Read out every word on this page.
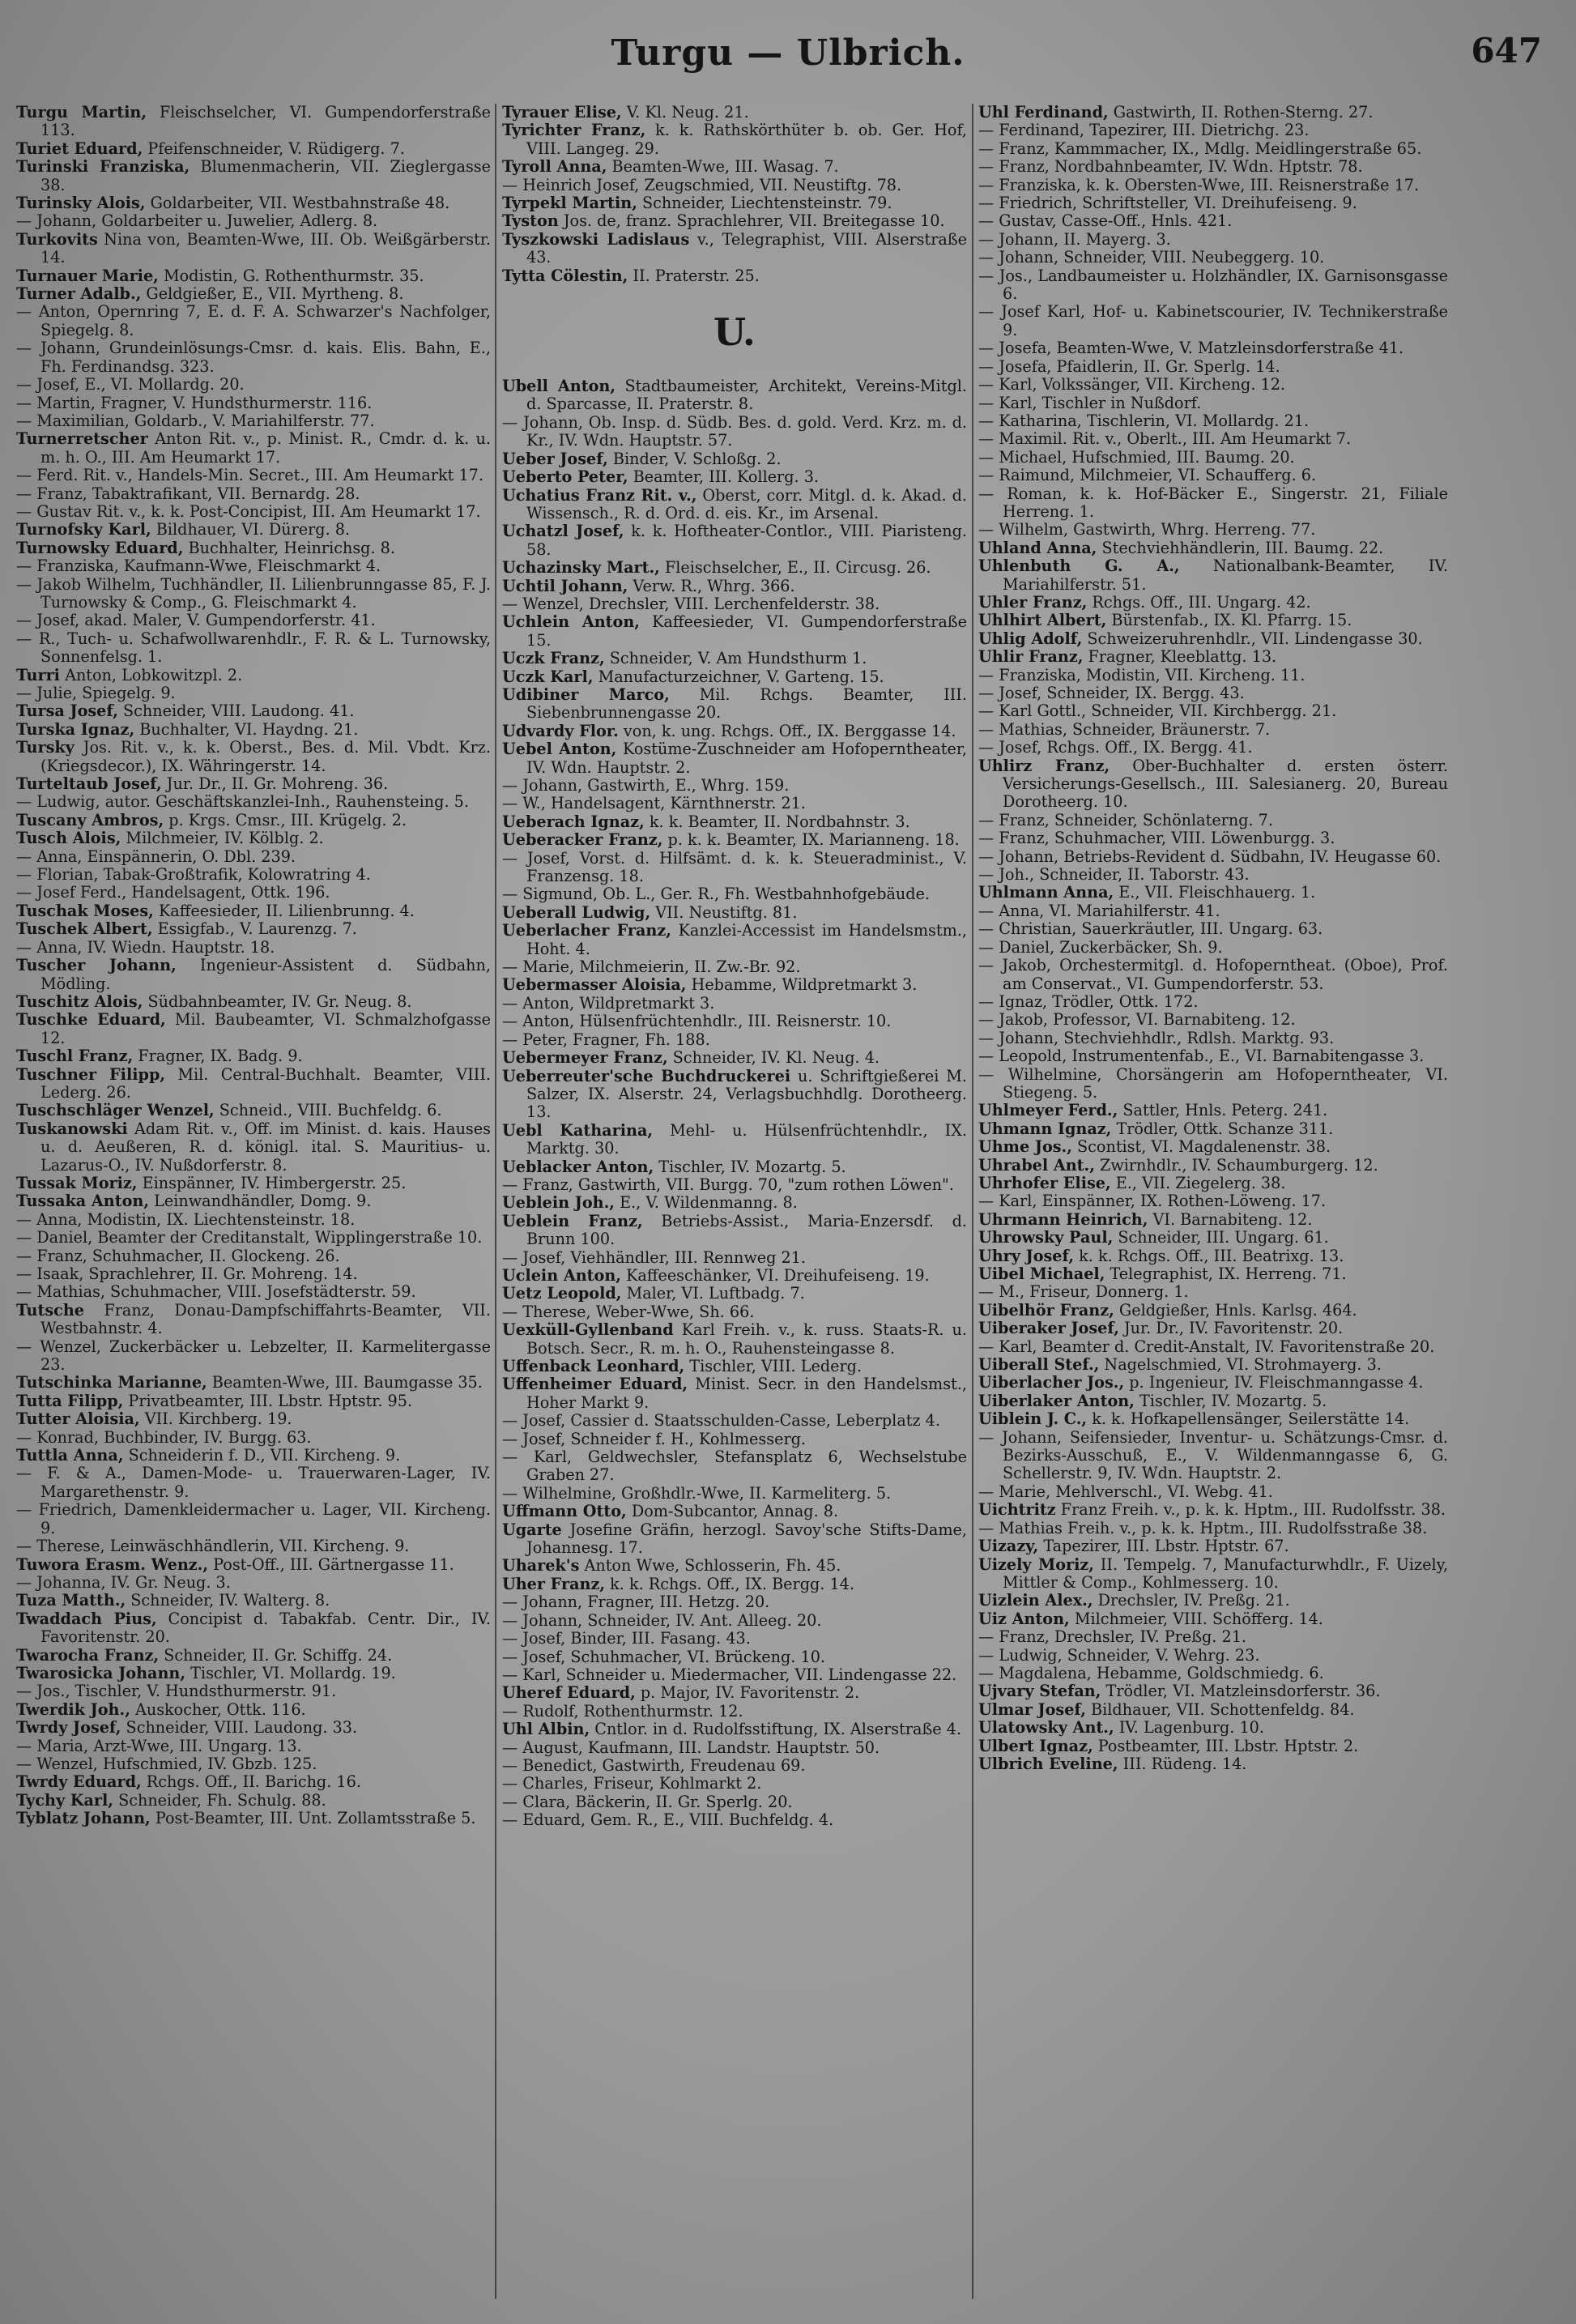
Turgu — Ulbrich.	647

Turgu Martin, Fleischselcher, VI. Gumpendorferstraße 113.

Turiet Eduard, Pfeifenschneider, V. Rüdigerg. 7.

Turinski Franziska, Blumenmacherin, VII. Zieglergasse 38.

Turinsky Alois, Goldarbeiter, VII. Westbahnstraße 48.

— Johann, Goldarbeiter u. Juwelier, Adlerg. 8.

Turkovits Nina von, Beamten-Wwe, III. Ob. Weißgärberstr. 14.

Turnauer Marie, Modistin, G. Rothenthurmstr. 35.

Turner Adalb., Geldgießer, E., VII. Myrtheng. 8.

— Anton, Opernring 7, E. d. F. A. Schwarzer's Nachfolger, Spiegelg. 8.

— Johann, Grundeinlösungs-Cmsr. d. kais. Elis. Bahn, E., Fh. Ferdinandsg. 323.

— Josef, E., VI. Mollardg. 20.

— Martin, Fragner, V. Hundsthurmerstr. 116.

— Maximilian, Goldarb., V. Mariahilferstr. 77.

Turnerretscher Anton Rit. v., p. Minist. R., Cmdr. d. k. u. m. h. O., III. Am Heumarkt 17.

— Ferd. Rit. v., Handels-Min. Secret., III. Am Heumarkt 17.

— Franz, Tabaktrafikant, VII. Bernardg. 28.

— Gustav Rit. v., k. k. Post-Concipist, III. Am Heumarkt 17.

Turnofsky Karl, Bildhauer, VI. Dürerg. 8.

Turnowsky Eduard, Buchhalter, Heinrichsg. 8.

— Franziska, Kaufmann-Wwe, Fleischmarkt 4.

— Jakob Wilhelm, Tuchhändler, II. Lilienbrunngasse 85, F. J. Turnowsky & Comp., G. Fleischmarkt 4.

— Josef, akad. Maler, V. Gumpendorferstr. 41.

— R., Tuch- u. Schafwollwarenhdlr., F. R. & L. Turnowsky, Sonnenfelsg. 1.

Turri Anton, Lobkowitzpl. 2.

— Julie, Spiegelg. 9.

Tursa Josef, Schneider, VIII. Laudong. 41.

Turska Ignaz, Buchhalter, VI. Haydng. 21.

Tursky Jos. Rit. v., k. k. Oberst., Bes. d. Mil. Vbdt. Krz. (Kriegsdecor.), IX. Währingerstr. 14.

Turteltaub Josef, Jur. Dr., II. Gr. Mohreng. 36.

— Ludwig, autor. Geschäftskanzlei-Inh., Rauhensteing. 5.

Tuscany Ambros, p. Krgs. Cmsr., III. Krügelg. 2.

Tusch Alois, Milchmeier, IV. Kölblg. 2.

— Anna, Einspännerin, O. Dbl. 239.

— Florian, Tabak-Großtrafik, Kolowratring 4.

— Josef Ferd., Handelsagent, Ottk. 196.

Tuschak Moses, Kaffeesieder, II. Lilienbrunng. 4.

Tuschek Albert, Essigfab., V. Laurenzg. 7.

— Anna, IV. Wiedn. Hauptstr. 18.

Tuscher Johann, Ingenieur-Assistent d. Südbahn, Mödling.

Tuschitz Alois, Südbahnbeamter, IV. Gr. Neug. 8.

Tuschke Eduard, Mil. Baubeamter, VI. Schmalzhofgasse 12.

Tuschl Franz, Fragner, IX. Badg. 9.

Tuschner Filipp, Mil. Central-Buchhalt. Beamter, VIII. Lederg. 26.

Tuschschläger Wenzel, Schneid., VIII. Buchfeldg. 6.

Tuskanowski Adam Rit. v., Off. im Minist. d. kais. Hauses u. d. Aeußeren, R. d. königl. ital. S. Mauritius- u. Lazarus-O., IV. Nußdorferstr. 8.

Tussak Moriz, Einspänner, IV. Himbergerstr. 25.

Tussaka Anton, Leinwandhändler, Domg. 9.

— Anna, Modistin, IX. Liechtensteinstr. 18.

— Daniel, Beamter der Creditanstalt, Wipplingerstraße 10.

— Franz, Schuhmacher, II. Glockeng. 26.

— Isaak, Sprachlehrer, II. Gr. Mohreng. 14.

— Mathias, Schuhmacher, VIII. Josefstädterstr. 59.

Tutsche Franz, Donau-Dampfschiffahrts-Beamter, VII. Westbahnstr. 4.

— Wenzel, Zuckerbäcker u. Lebzelter, II. Karmelitergasse 23.

Tutschinka Marianne, Beamten-Wwe, III. Baumgasse 35.

Tutta Filipp, Privatbeamter, III. Lbstr. Hptstr. 95.

Tutter Aloisia, VII. Kirchberg. 19.

— Konrad, Buchbinder, IV. Burgg. 63.

Tuttla Anna, Schneiderin f. D., VII. Kircheng. 9.

— F. & A., Damen-Mode- u. Trauerwaren-Lager, IV. Margarethenstr. 9.

— Friedrich, Damenkleidermacher u. Lager, VII. Kircheng. 9.

— Therese, Leinwäschhändlerin, VII. Kircheng. 9.

Tuwora Erasm. Wenz., Post-Off., III. Gärtnergasse 11.

— Johanna, IV. Gr. Neug. 3.

Tuza Matth., Schneider, IV. Walterg. 8.

Twaddach Pius, Concipist d. Tabakfab. Centr. Dir., IV. Favoritenstr. 20.

Twarocha Franz, Schneider, II. Gr. Schiffg. 24.

Twarosicka Johann, Tischler, VI. Mollardg. 19.

— Jos., Tischler, V. Hundsthurmerstr. 91.

Twerdik Joh., Auskocher, Ottk. 116.

Twrdy Josef, Schneider, VIII. Laudong. 33.

— Maria, Arzt-Wwe, III. Ungarg. 13.

— Wenzel, Hufschmied, IV. Gbzb. 125.

Twrdy Eduard, Rchgs. Off., II. Barichg. 16.

Tychy Karl, Schneider, Fh. Schulg. 88.

Tyblatz Johann, Post-Beamter, III. Unt. Zollamtsstraße 5.

Tyrauer Elise, V. Kl. Neug. 21.

Tyrichter Franz, k. k. Rathskörthüter b. ob. Ger. Hof, VIII. Langeg. 29.

Tyroll Anna, Beamten-Wwe, III. Wasag. 7.

— Heinrich Josef, Zeugschmied, VII. Neustiftg. 78.

Tyrpekl Martin, Schneider, Liechtensteinstr. 79.

Tyston Jos. de, franz. Sprachlehrer, VII. Breitegasse 10.

Tyszkowski Ladislaus v., Telegraphist, VIII. Alserstraße 43.

Tytta Cölestin, II. Praterstr. 25.

U.

Ubell Anton, Stadtbaumeister, Architekt, Vereins-Mitgl. d. Sparcasse, II. Praterstr. 8.

— Johann, Ob. Insp. d. Südb. Bes. d. gold. Verd. Krz. m. d. Kr., IV. Wdn. Hauptstr. 57.

Ueber Josef, Binder, V. Schloßg. 2.

Ueberto Peter, Beamter, III. Kollerg. 3.

Uchatius Franz Rit. v., Oberst, corr. Mitgl. d. k. Akad. d. Wissensch., R. d. Ord. d. eis. Kr., im Arsenal.

Uchatzl Josef, k. k. Hoftheater-Contlor., VIII. Piaristeng. 58.

Uchazinsky Mart., Fleischselcher, E., II. Circusg. 26.

Uchtil Johann, Verw. R., Whrg. 366.

— Wenzel, Drechsler, VIII. Lerchenfelderstr. 38.

Uchlein Anton, Kaffeesieder, VI. Gumpendorferstraße 15.

Uczk Franz, Schneider, V. Am Hundsthurm 1.

Uczk Karl, Manufacturzeichner, V. Garteng. 15.

Udibiner Marco, Mil. Rchgs. Beamter, III. Siebenbrunnengasse 20.

Udvardy Flor. von, k. ung. Rchgs. Off., IX. Berggasse 14.

Uebel Anton, Kostüme-Zuschneider am Hofoperntheater, IV. Wdn. Hauptstr. 2.

— Johann, Gastwirth, E., Whrg. 159.

— W., Handelsagent, Kärnthnerstr. 21.

Ueberach Ignaz, k. k. Beamter, II. Nordbahnstr. 3.

Ueberacker Franz, p. k. k. Beamter, IX. Marianneng. 18.

— Josef, Vorst. d. Hilfsämt. d. k. k. Steueradminist., V. Franzensg. 18.

— Sigmund, Ob. L., Ger. R., Fh. Westbahnhofgebäude.

Ueberall Ludwig, VII. Neustiftg. 81.

Ueberlacher Franz, Kanzlei-Accessist im Handelsmstm., Hoht. 4.

— Marie, Milchmeierin, II. Zw.-Br. 92.

Uebermasser Aloisia, Hebamme, Wildpretmarkt 3.

— Anton, Wildpretmarkt 3.

— Anton, Hülsenfrüchtenhdlr., III. Reisnerstr. 10.

— Peter, Fragner, Fh. 188.

Uebermeyer Franz, Schneider, IV. Kl. Neug. 4.

Ueberreuter'sche Buchdruckerei u. Schriftgießerei M. Salzer, IX. Alserstr. 24, Verlagsbuchhdlg. Dorotheerg. 13.

Uebl Katharina, Mehl- u. Hülsenfrüchtenhdlr., IX. Marktg. 30.

Ueblacker Anton, Tischler, IV. Mozartg. 5.

— Franz, Gastwirth, VII. Burgg. 70, "zum rothen Löwen".

Ueblein Joh., E., V. Wildenmanng. 8.

Ueblein Franz, Betriebs-Assist., Maria-Enzersdf. d. Brunn 100.

— Josef, Viehhändler, III. Rennweg 21.

Uclein Anton, Kaffeeschänker, VI. Dreihufeiseng. 19.

Uetz Leopold, Maler, VI. Luftbadg. 7.

— Therese, Weber-Wwe, Sh. 66.

Uexküll-Gyllenband Karl Freih. v., k. russ. Staats-R. u. Botsch. Secr., R. m. h. O., Rauhensteingasse 8.

Uffenback Leonhard, Tischler, VIII. Lederg.

Uffenheimer Eduard, Minist. Secr. in den Handelsmst., Hoher Markt 9.

— Josef, Cassier d. Staatsschulden-Casse, Leberplatz 4.

— Josef, Schneider f. H., Kohlmesserg.

— Karl, Geldwechsler, Stefansplatz 6, Wechselstube Graben 27.

— Wilhelmine, Großhdlr.-Wwe, II. Karmeliterg. 5.

Uffmann Otto, Dom-Subcantor, Annag. 8.

Ugarte Josefine Gräfin, herzogl. Savoy'sche Stifts-Dame, Johannesg. 17.

Uharek's Anton Wwe, Schlosserin, Fh. 45.

Uher Franz, k. k. Rchgs. Off., IX. Bergg. 14.

— Johann, Fragner, III. Hetzg. 20.

— Johann, Schneider, IV. Ant. Alleeg. 20.

— Josef, Binder, III. Fasang. 43.

— Josef, Schuhmacher, VI. Brückeng. 10.

— Karl, Schneider u. Miedermacher, VII. Lindengasse 22.

Uheref Eduard, p. Major, IV. Favoritenstr. 2.

— Rudolf, Rothenthurmstr. 12.

Uhl Albin, Cntlor. in d. Rudolfsstiftung, IX. Alserstraße 4.

— August, Kaufmann, III. Landstr. Hauptstr. 50.

— Benedict, Gastwirth, Freudenau 69.

— Charles, Friseur, Kohlmarkt 2.

— Clara, Bäckerin, II. Gr. Sperlg. 20.

— Eduard, Gem. R., E., VIII. Buchfeldg. 4.

Uhl Ferdinand, Gastwirth, II. Rothen-Sterng. 27.

— Ferdinand, Tapezirer, III. Dietrichg. 23.

— Franz, Kammmacher, IX., Mdlg. Meidlingerstraße 65.

— Franz, Nordbahnbeamter, IV. Wdn. Hptstr. 78.

— Franziska, k. k. Obersten-Wwe, III. Reisnerstraße 17.

— Friedrich, Schriftsteller, VI. Dreihufeiseng. 9.

— Gustav, Casse-Off., Hnls. 421.

— Johann, II. Mayerg. 3.

— Johann, Schneider, VIII. Neubeggerg. 10.

— Jos., Landbaumeister u. Holzhändler, IX. Garnisonsgasse 6.

— Josef Karl, Hof- u. Kabinetscourier, IV. Technikerstraße 9.

— Josefa, Beamten-Wwe, V. Matzleinsdorferstraße 41.

— Josefa, Pfaidlerin, II. Gr. Sperlg. 14.

— Karl, Volkssänger, VII. Kircheng. 12.

— Karl, Tischler in Nußdorf.

— Katharina, Tischlerin, VI. Mollardg. 21.

— Maximil. Rit. v., Oberlt., III. Am Heumarkt 7.

— Michael, Hufschmied, III. Baumg. 20.

— Raimund, Milchmeier, VI. Schaufferg. 6.

— Roman, k. k. Hof-Bäcker E., Singerstr. 21, Filiale Herreng. 1.

— Wilhelm, Gastwirth, Whrg. Herreng. 77.

Uhland Anna, Stechviehhändlerin, III. Baumg. 22.

Uhlenbuth G. A., Nationalbank-Beamter, IV. Mariahilferstr. 51.

Uhler Franz, Rchgs. Off., III. Ungarg. 42.

Uhlhirt Albert, Bürstenfab., IX. Kl. Pfarrg. 15.

Uhlig Adolf, Schweizeruhrenhdlr., VII. Lindengasse 30.

Uhlir Franz, Fragner, Kleeblattg. 13.

— Franziska, Modistin, VII. Kircheng. 11.

— Josef, Schneider, IX. Bergg. 43.

— Karl Gottl., Schneider, VII. Kirchbergg. 21.

— Mathias, Schneider, Bräunerstr. 7.

— Josef, Rchgs. Off., IX. Bergg. 41.

Uhlirz Franz, Ober-Buchhalter d. ersten österr. Versicherungs-Gesellsch., III. Salesianerg. 20, Bureau Dorotheerg. 10.

— Franz, Schneider, Schönlaterng. 7.

— Franz, Schuhmacher, VIII. Löwenburgg. 3.

— Johann, Betriebs-Revident d. Südbahn, IV. Heugasse 60.

— Joh., Schneider, II. Taborstr. 43.

Uhlmann Anna, E., VII. Fleischhauerg. 1.

— Anna, VI. Mariahilferstr. 41.

— Christian, Sauerkräutler, III. Ungarg. 63.

— Daniel, Zuckerbäcker, Sh. 9.

— Jakob, Orchestermitgl. d. Hofoperntheat. (Oboe), Prof. am Conservat., VI. Gumpendorferstr. 53.

— Ignaz, Trödler, Ottk. 172.

— Jakob, Professor, VI. Barnabiteng. 12.

— Johann, Stechviehhdlr., Rdlsh. Marktg. 93.

— Leopold, Instrumentenfab., E., VI. Barnabitengasse 3.

— Wilhelmine, Chorsängerin am Hofoperntheater, VI. Stiegeng. 5.

Uhlmeyer Ferd., Sattler, Hnls. Peterg. 241.

Uhmann Ignaz, Trödler, Ottk. Schanze 311.

Uhme Jos., Scontist, VI. Magdalenenstr. 38.

Uhrabel Ant., Zwirnhdlr., IV. Schaumburgerg. 12.

Uhrhofer Elise, E., VII. Ziegelerg. 38.

— Karl, Einspänner, IX. Rothen-Löweng. 17.

Uhrmann Heinrich, VI. Barnabiteng. 12.

Uhrowsky Paul, Schneider, III. Ungarg. 61.

Uhry Josef, k. k. Rchgs. Off., III. Beatrixg. 13.

Uibel Michael, Telegraphist, IX. Herreng. 71.

— M., Friseur, Donnerg. 1.

Uibelhör Franz, Geldgießer, Hnls. Karlsg. 464.

Uiberaker Josef, Jur. Dr., IV. Favoritenstr. 20.

— Karl, Beamter d. Credit-Anstalt, IV. Favoritenstraße 20.

Uiberall Stef., Nagelschmied, VI. Strohmayerg. 3.

Uiberlacher Jos., p. Ingenieur, IV. Fleischmanngasse 4.

Uiberlaker Anton, Tischler, IV. Mozartg. 5.

Uiblein J. C., k. k. Hofkapellensänger, Seilerstätte 14.

— Johann, Seifensieder, Inventur- u. Schätzungs-Cmsr. d. Bezirks-Ausschuß, E., V. Wildenmanngasse 6, G. Schellerstr. 9, IV. Wdn. Hauptstr. 2.

— Marie, Mehlverschl., VI. Webg. 41.

Uichtritz Franz Freih. v., p. k. k. Hptm., III. Rudolfsstr. 38.

— Mathias Freih. v., p. k. k. Hptm., III. Rudolfsstraße 38.

Uizazy, Tapezirer, III. Lbstr. Hptstr. 67.

Uizely Moriz, II. Tempelg. 7, Manufacturwhdlr., F. Uizely, Mittler & Comp., Kohlmesserg. 10.

Uizlein Alex., Drechsler, IV. Preßg. 21.

Uiz Anton, Milchmeier, VIII. Schöfferg. 14.

— Franz, Drechsler, IV. Preßg. 21.

— Ludwig, Schneider, V. Wehrg. 23.

— Magdalena, Hebamme, Goldschmiedg. 6.

Ujvary Stefan, Trödler, VI. Matzleinsdorferstr. 36.

Ulmar Josef, Bildhauer, VII. Schottenfeldg. 84.

Ulatowsky Ant., IV. Lagenburg. 10.

Ulbert Ignaz, Postbeamter, III. Lbstr. Hptstr. 2.

Ulbrich Eveline, III. Rüdeng. 14.
